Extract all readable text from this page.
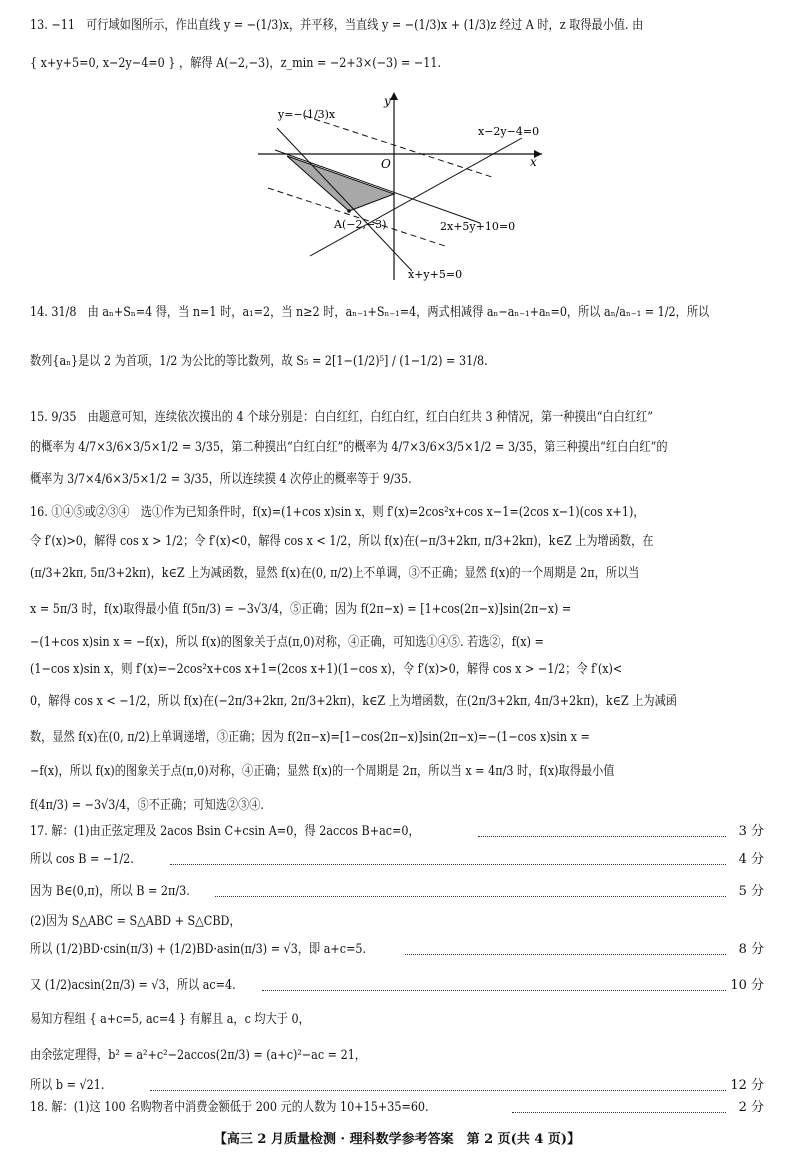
13. −11　可行域如图所示，作出直线 y = −(1/3)x，并平移，当直线 y = −(1/3)x + (1/3)z 经过 A 时，z 取得最小值. 由
{ x+y+5=0, x−2y−4=0 } ，解得 A(−2,−3)，z_min = −2+3×(−3) = −11.
y
x
O
y=−(1/3)x
x−2y−4=0
2x+5y+10=0
x+y+5=0
A(−2,−3)
14. 31/8　由 aₙ+Sₙ=4 得，当 n=1 时，a₁=2，当 n≥2 时，aₙ₋₁+Sₙ₋₁=4，两式相减得 aₙ−aₙ₋₁+aₙ=0，所以 aₙ/aₙ₋₁ = 1/2，所以
数列{aₙ}是以 2 为首项，1/2 为公比的等比数列，故 S₅ = 2[1−(1/2)⁵] / (1−1/2) = 31/8.
15. 9/35　由题意可知，连续依次摸出的 4 个球分别是：白白红红，白红白红，红白白红共 3 种情况，第一种摸出“白白红红”
的概率为 4/7×3/6×3/5×1/2 = 3/35，第二种摸出“白红白红”的概率为 4/7×3/6×3/5×1/2 = 3/35，第三种摸出“红白白红”的
概率为 3/7×4/6×3/5×1/2 = 3/35，所以连续摸 4 次停止的概率等于 9/35.
16. ①④⑤或②③④　选①作为已知条件时，f(x)=(1+cos x)sin x，则 f′(x)=2cos²x+cos x−1=(2cos x−1)(cos x+1)，
令 f′(x)>0，解得 cos x > 1/2；令 f′(x)<0，解得 cos x < 1/2，所以 f(x)在(−π/3+2kπ, π/3+2kπ)，k∈Z 上为增函数，在
(π/3+2kπ, 5π/3+2kπ)，k∈Z 上为减函数，显然 f(x)在(0, π/2)上不单调，③不正确；显然 f(x)的一个周期是 2π，所以当
x = 5π/3 时，f(x)取得最小值 f(5π/3) = −3√3/4，⑤正确；因为 f(2π−x) = [1+cos(2π−x)]sin(2π−x) =
−(1+cos x)sin x = −f(x)，所以 f(x)的图象关于点(π,0)对称，④正确，可知选①④⑤. 若选②，f(x) =
(1−cos x)sin x，则 f′(x)=−2cos²x+cos x+1=(2cos x+1)(1−cos x)，令 f′(x)>0，解得 cos x > −1/2；令 f′(x)<
0，解得 cos x < −1/2，所以 f(x)在(−2π/3+2kπ, 2π/3+2kπ)，k∈Z 上为增函数，在(2π/3+2kπ, 4π/3+2kπ)，k∈Z 上为减函
数，显然 f(x)在(0, π/2)上单调递增，③正确；因为 f(2π−x)=[1−cos(2π−x)]sin(2π−x)=−(1−cos x)sin x =
−f(x)，所以 f(x)的图象关于点(π,0)对称，④正确；显然 f(x)的一个周期是 2π，所以当 x = 4π/3 时，f(x)取得最小值
f(4π/3) = −3√3/4，⑤不正确；可知选②③④.
17. 解：(1)由正弦定理及 2acos Bsin C+csin A=0，得 2accos B+ac=0，	3 分
所以 cos B = −1/2.	4 分
因为 B∈(0,π)，所以 B = 2π/3.	5 分
(2)因为 S△ABC = S△ABD + S△CBD，
所以 (1/2)BD·csin(π/3) + (1/2)BD·asin(π/3) = √3，即 a+c=5.	8 分
又 (1/2)acsin(2π/3) = √3，所以 ac=4.	10 分
易知方程组 { a+c=5, ac=4 } 有解且 a，c 均大于 0，
由余弦定理得，b² = a²+c²−2accos(2π/3) = (a+c)²−ac = 21，
所以 b = √21.	12 分
18. 解：(1)这 100 名购物者中消费金额低于 200 元的人数为 10+15+35=60.	2 分
【高三 2 月质量检测 · 理科数学参考答案　第 2 页(共 4 页)】
